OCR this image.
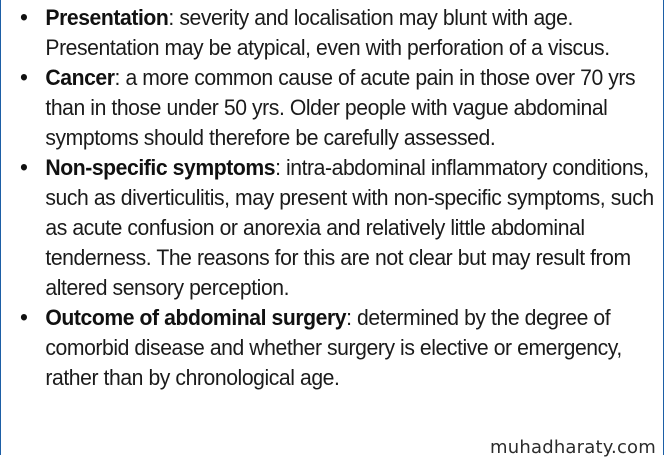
• Presentation: severity and localisation may blunt with age. Presentation may be atypical, even with perforation of a viscus.
• Cancer: a more common cause of acute pain in those over 70 yrs than in those under 50 yrs. Older people with vague abdominal symptoms should therefore be carefully assessed.
• Non-specific symptoms: intra-abdominal inflammatory conditions, such as diverticulitis, may present with non-specific symptoms, such as acute confusion or anorexia and relatively little abdominal tenderness. The reasons for this are not clear but may result from altered sensory perception.
• Outcome of abdominal surgery: determined by the degree of comorbid disease and whether surgery is elective or emergency, rather than by chronological age.
muhadharaty.com
